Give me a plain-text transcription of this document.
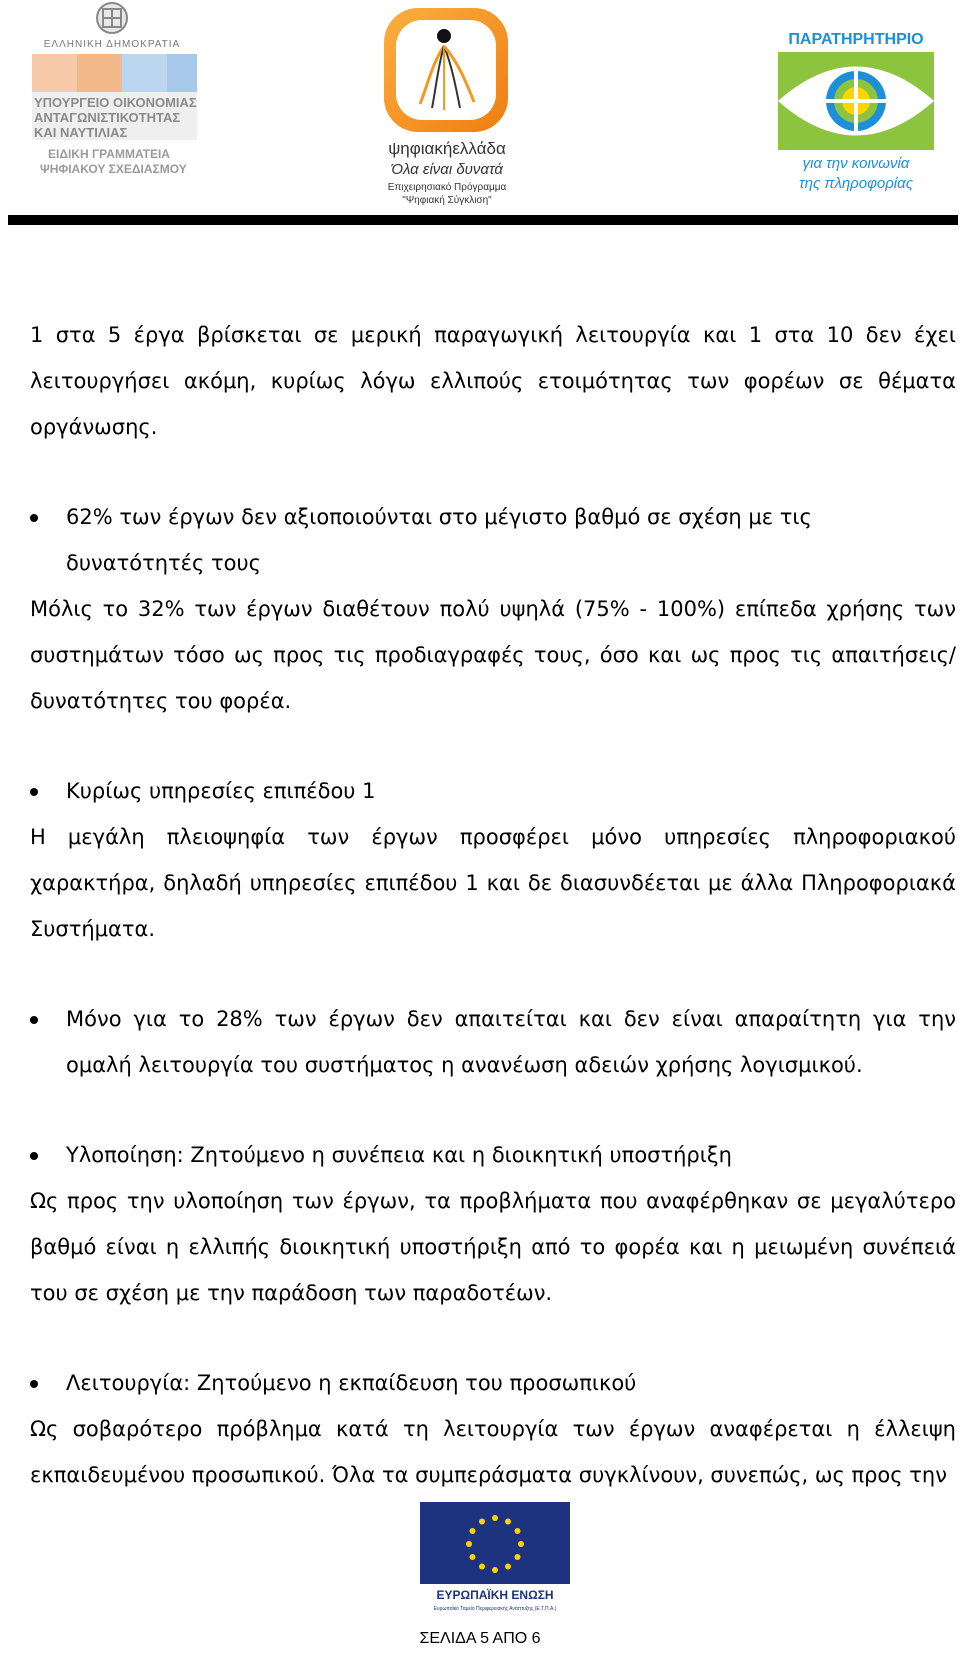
ΕΛΛΗΝΙΚΗ ΔΗΜΟΚΡΑΤΙΑ
ΥΠΟΥΡΓΕΙΟ ΟΙΚΟΝΟΜΙΑΣ
ΑΝΤΑΓΩΝΙΣΤΙΚΟΤΗΤΑΣ
ΚΑΙ ΝΑΥΤΙΛΙΑΣ
ΕΙΔΙΚΗ ΓΡΑΜΜΑΤΕΙΑ
ΨΗΦΙΑΚΟΥ ΣΧΕΔΙΑΣΜΟΥ
ψηφιακήελλάδα
Όλα είναι δυνατά
Επιχειρησιακό Πρόγραμμα
"Ψηφιακή Σύγκλιση"
ΠΑΡΑΤΗΡΗΤΗΡΙΟ
για την κοινωνία
της πληροφορίας

1 στα 5 έργα βρίσκεται σε μερική παραγωγική λειτουργία και 1 στα 10 δεν έχει λειτουργήσει ακόμη, κυρίως λόγω ελλιπούς ετοιμότητας των φορέων σε θέματα οργάνωσης.

62% των έργων δεν αξιοποιούνται στο μέγιστο βαθμό σε σχέση με τις δυνατότητές τους

Μόλις το 32% των έργων διαθέτουν πολύ υψηλά (75% - 100%) επίπεδα χρήσης των συστημάτων τόσο ως προς τις προδιαγραφές τους, όσο και ως προς τις απαιτήσεις/ δυνατότητες του φορέα.

Κυρίως υπηρεσίες επιπέδου 1

Η μεγάλη πλειοψηφία των έργων προσφέρει μόνο υπηρεσίες πληροφοριακού χαρακτήρα, δηλαδή υπηρεσίες επιπέδου 1 και δε διασυνδέεται με άλλα Πληροφοριακά Συστήματα.

Μόνο για το 28% των έργων δεν απαιτείται και δεν είναι απαραίτητη για την ομαλή λειτουργία του συστήματος η ανανέωση αδειών χρήσης λογισμικού.
Υλοποίηση: Ζητούμενο η συνέπεια και η διοικητική υποστήριξη

Ως προς την υλοποίηση των έργων, τα προβλήματα που αναφέρθηκαν σε μεγαλύτερο βαθμό είναι η ελλιπής διοικητική υποστήριξη από το φορέα και η μειωμένη συνέπειά του σε σχέση με την παράδοση των παραδοτέων.

Λειτουργία: Ζητούμενο η εκπαίδευση του προσωπικού

Ως σοβαρότερο πρόβλημα κατά τη λειτουργία των έργων αναφέρεται η έλλειψη εκπαιδευμένου προσωπικού. Όλα τα συμπεράσματα συγκλίνουν, συνεπώς, ως προς την

ΕΥΡΩΠΑΪΚΗ ΕΝΩΣΗ
Ευρωπαϊκό Ταμείο Περιφερειακής Ανάπτυξης (Ε.Τ.Π.Α.)
ΣΕΛΙΔΑ 5 ΑΠΟ 6
